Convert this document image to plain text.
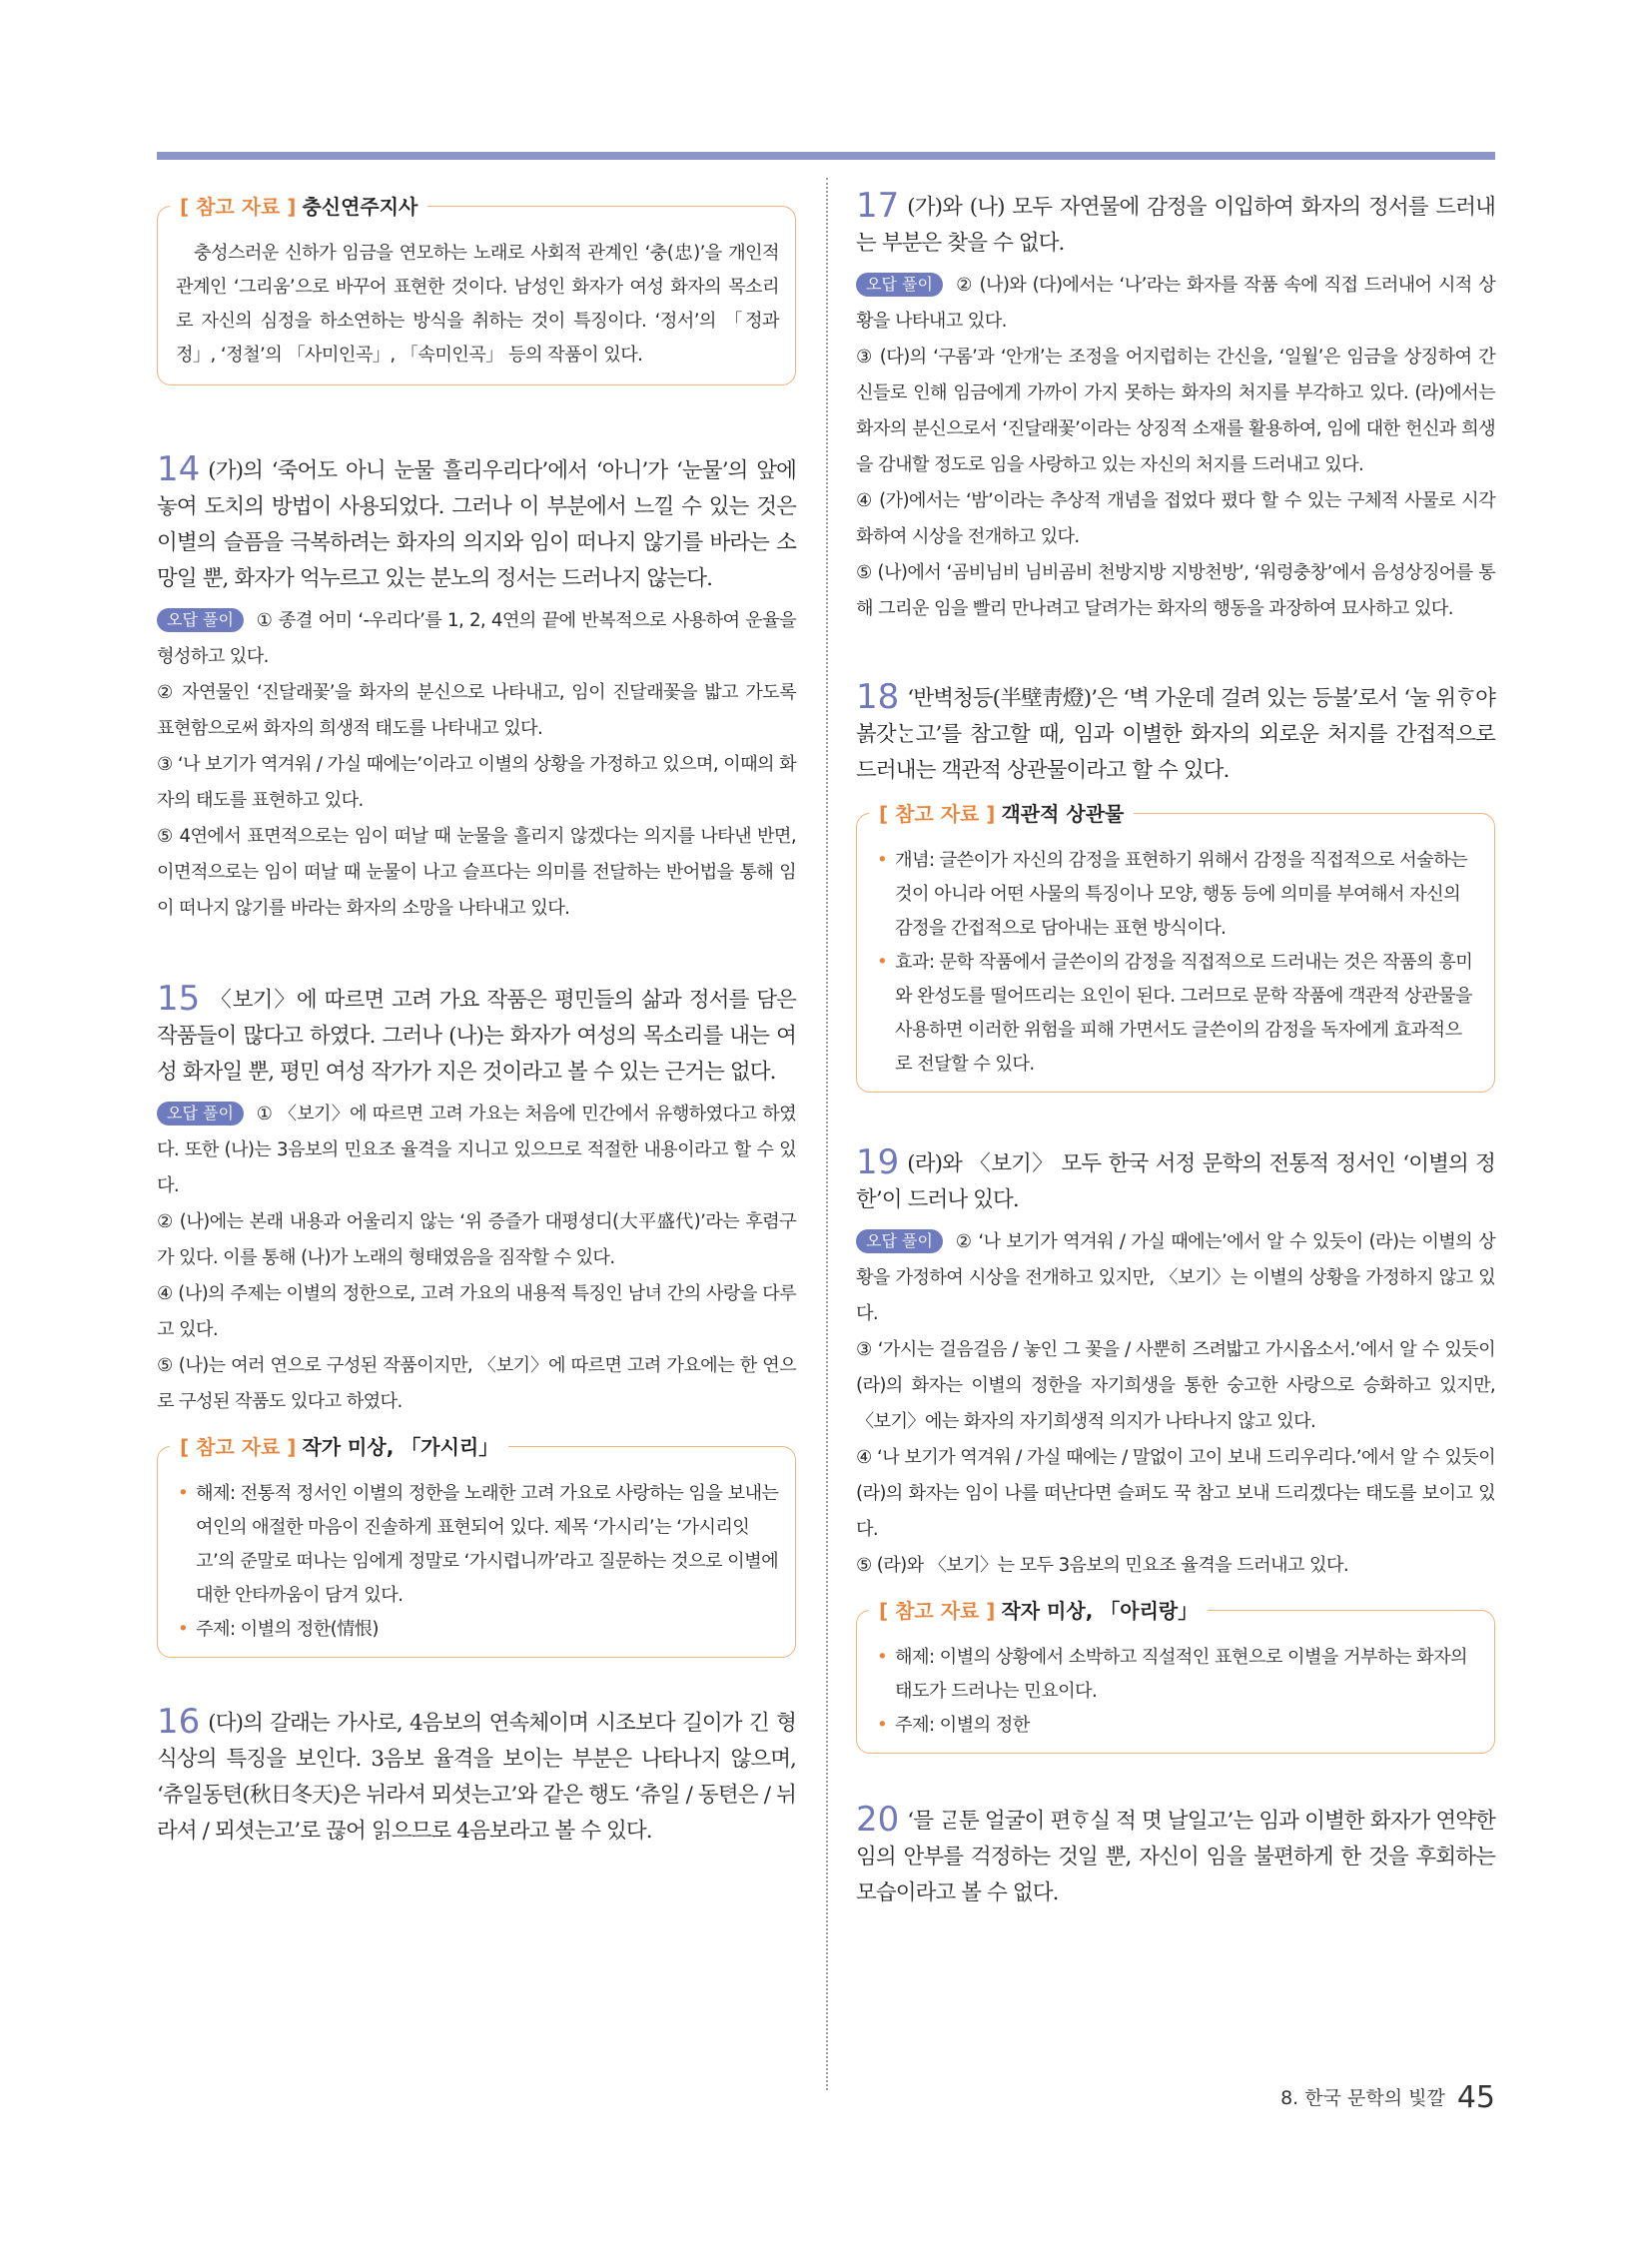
[ 참고 자료 ] 충신연주지사
충성스러운 신하가 임금을 연모하는 노래로 사회적 관계인 ‘충(忠)’을 개인적 관계인 ‘그리움’으로 바꾸어 표현한 것이다. 남성인 화자가 여성 화자의 목소리로 자신의 심정을 하소연하는 방식을 취하는 것이 특징이다. ‘정서’의 「정과정」, ‘정철’의 「사미인곡」, 「속미인곡」 등의 작품이 있다.
14 (가)의 ‘죽어도 아니 눈물 흘리우리다’에서 ‘아니’가 ‘눈물’의 앞에 놓여 도치의 방법이 사용되었다. 그러나 이 부분에서 느낄 수 있는 것은 이별의 슬픔을 극복하려는 화자의 의지와 임이 떠나지 않기를 바라는 소망일 뿐, 화자가 억누르고 있는 분노의 정서는 드러나지 않는다.

오답 풀이 ① 종결 어미 ‘-우리다’를 1, 2, 4연의 끝에 반복적으로 사용하여 운율을 형성하고 있다.

② 자연물인 ‘진달래꽃’을 화자의 분신으로 나타내고, 임이 진달래꽃을 밟고 가도록 표현함으로써 화자의 희생적 태도를 나타내고 있다.

③ ‘나 보기가 역겨워 / 가실 때에는’이라고 이별의 상황을 가정하고 있으며, 이때의 화자의 태도를 표현하고 있다.

⑤ 4연에서 표면적으로는 임이 떠날 때 눈물을 흘리지 않겠다는 의지를 나타낸 반면, 이면적으로는 임이 떠날 때 눈물이 나고 슬프다는 의미를 전달하는 반어법을 통해 임이 떠나지 않기를 바라는 화자의 소망을 나타내고 있다.

15 〈보기〉에 따르면 고려 가요 작품은 평민들의 삶과 정서를 담은 작품들이 많다고 하였다. 그러나 (나)는 화자가 여성의 목소리를 내는 여성 화자일 뿐, 평민 여성 작가가 지은 것이라고 볼 수 있는 근거는 없다.

오답 풀이 ① 〈보기〉에 따르면 고려 가요는 처음에 민간에서 유행하였다고 하였다. 또한 (나)는 3음보의 민요조 율격을 지니고 있으므로 적절한 내용이라고 할 수 있다.

② (나)에는 본래 내용과 어울리지 않는 ‘위 증즐가 대평셩디(大平盛代)’라는 후렴구가 있다. 이를 통해 (나)가 노래의 형태였음을 짐작할 수 있다.

④ (나)의 주제는 이별의 정한으로, 고려 가요의 내용적 특징인 남녀 간의 사랑을 다루고 있다.

⑤ (나)는 여러 연으로 구성된 작품이지만, 〈보기〉에 따르면 고려 가요에는 한 연으로 구성된 작품도 있다고 하였다.

[ 참고 자료 ] 작가 미상, 「가시리」
• 해제: 전통적 정서인 이별의 정한을 노래한 고려 가요로 사랑하는 임을 보내는 여인의 애절한 마음이 진솔하게 표현되어 있다. 제목 ‘가시리’는 ‘가시리잇고’의 준말로 떠나는 임에게 정말로 ‘가시렵니까’라고 질문하는 것으로 이별에 대한 안타까움이 담겨 있다.
• 주제: 이별의 정한(情恨)
16 (다)의 갈래는 가사로, 4음보의 연속체이며 시조보다 길이가 긴 형식상의 특징을 보인다. 3음보 율격을 보이는 부분은 나타나지 않으며, ‘츄일동텬(秋日冬天)은 뉘라셔 뫼셧는고’와 같은 행도 ‘츄일 / 동텬은 / 뉘라셔 / 뫼셧는고’로 끊어 읽으므로 4음보라고 볼 수 있다.
17 (가)와 (나) 모두 자연물에 감정을 이입하여 화자의 정서를 드러내는 부분은 찾을 수 없다.

오답 풀이 ② (나)와 (다)에서는 ‘나’라는 화자를 작품 속에 직접 드러내어 시적 상황을 나타내고 있다.

③ (다)의 ‘구롬’과 ‘안개’는 조정을 어지럽히는 간신을, ‘일월’은 임금을 상징하여 간신들로 인해 임금에게 가까이 가지 못하는 화자의 처지를 부각하고 있다. (라)에서는 화자의 분신으로서 ‘진달래꽃’이라는 상징적 소재를 활용하여, 임에 대한 헌신과 희생을 감내할 정도로 임을 사랑하고 있는 자신의 처지를 드러내고 있다.

④ (가)에서는 ‘밤’이라는 추상적 개념을 접었다 폈다 할 수 있는 구체적 사물로 시각화하여 시상을 전개하고 있다.

⑤ (나)에서 ‘곰비님비 님비곰비 천방지방 지방천방’, ‘워렁충창’에서 음성상징어를 통해 그리운 임을 빨리 만나려고 달려가는 화자의 행동을 과장하여 묘사하고 있다.

18 ‘반벽청등(半壁靑燈)’은 ‘벽 가운데 걸려 있는 등불’로서 ‘눌 위ᄒᆞ야 볽갓ᄂᆞᆫ고’를 참고할 때, 임과 이별한 화자의 외로운 처지를 간접적으로 드러내는 객관적 상관물이라고 할 수 있다.
[ 참고 자료 ] 객관적 상관물
• 개념: 글쓴이가 자신의 감정을 표현하기 위해서 감정을 직접적으로 서술하는 것이 아니라 어떤 사물의 특징이나 모양, 행동 등에 의미를 부여해서 자신의 감정을 간접적으로 담아내는 표현 방식이다.
• 효과: 문학 작품에서 글쓴이의 감정을 직접적으로 드러내는 것은 작품의 흥미와 완성도를 떨어뜨리는 요인이 된다. 그러므로 문학 작품에 객관적 상관물을 사용하면 이러한 위험을 피해 가면서도 글쓴이의 감정을 독자에게 효과적으로 전달할 수 있다.
19 (라)와 〈보기〉 모두 한국 서정 문학의 전통적 정서인 ‘이별의 정한’이 드러나 있다.

오답 풀이 ② ‘나 보기가 역겨워 / 가실 때에는’에서 알 수 있듯이 (라)는 이별의 상황을 가정하여 시상을 전개하고 있지만, 〈보기〉는 이별의 상황을 가정하지 않고 있다.

③ ‘가시는 걸음걸음 / 놓인 그 꽃을 / 사뿐히 즈려밟고 가시옵소서.’에서 알 수 있듯이 (라)의 화자는 이별의 정한을 자기희생을 통한 숭고한 사랑으로 승화하고 있지만, 〈보기〉에는 화자의 자기희생적 의지가 나타나지 않고 있다.

④ ‘나 보기가 역겨워 / 가실 때에는 / 말없이 고이 보내 드리우리다.’에서 알 수 있듯이 (라)의 화자는 임이 나를 떠난다면 슬퍼도 꾹 참고 보내 드리겠다는 태도를 보이고 있다.

⑤ (라)와 〈보기〉는 모두 3음보의 민요조 율격을 드러내고 있다.

[ 참고 자료 ] 작자 미상, 「아리랑」
• 해제: 이별의 상황에서 소박하고 직설적인 표현으로 이별을 거부하는 화자의 태도가 드러나는 민요이다.
• 주제: 이별의 정한
20 ‘믈 ᄀᆞᆮ툰 얼굴이 편ᄒᆞ실 적 몃 날일고’는 임과 이별한 화자가 연약한 임의 안부를 걱정하는 것일 뿐, 자신이 임을 불편하게 한 것을 후회하는 모습이라고 볼 수 없다.
8. 한국 문학의 빛깔 45
